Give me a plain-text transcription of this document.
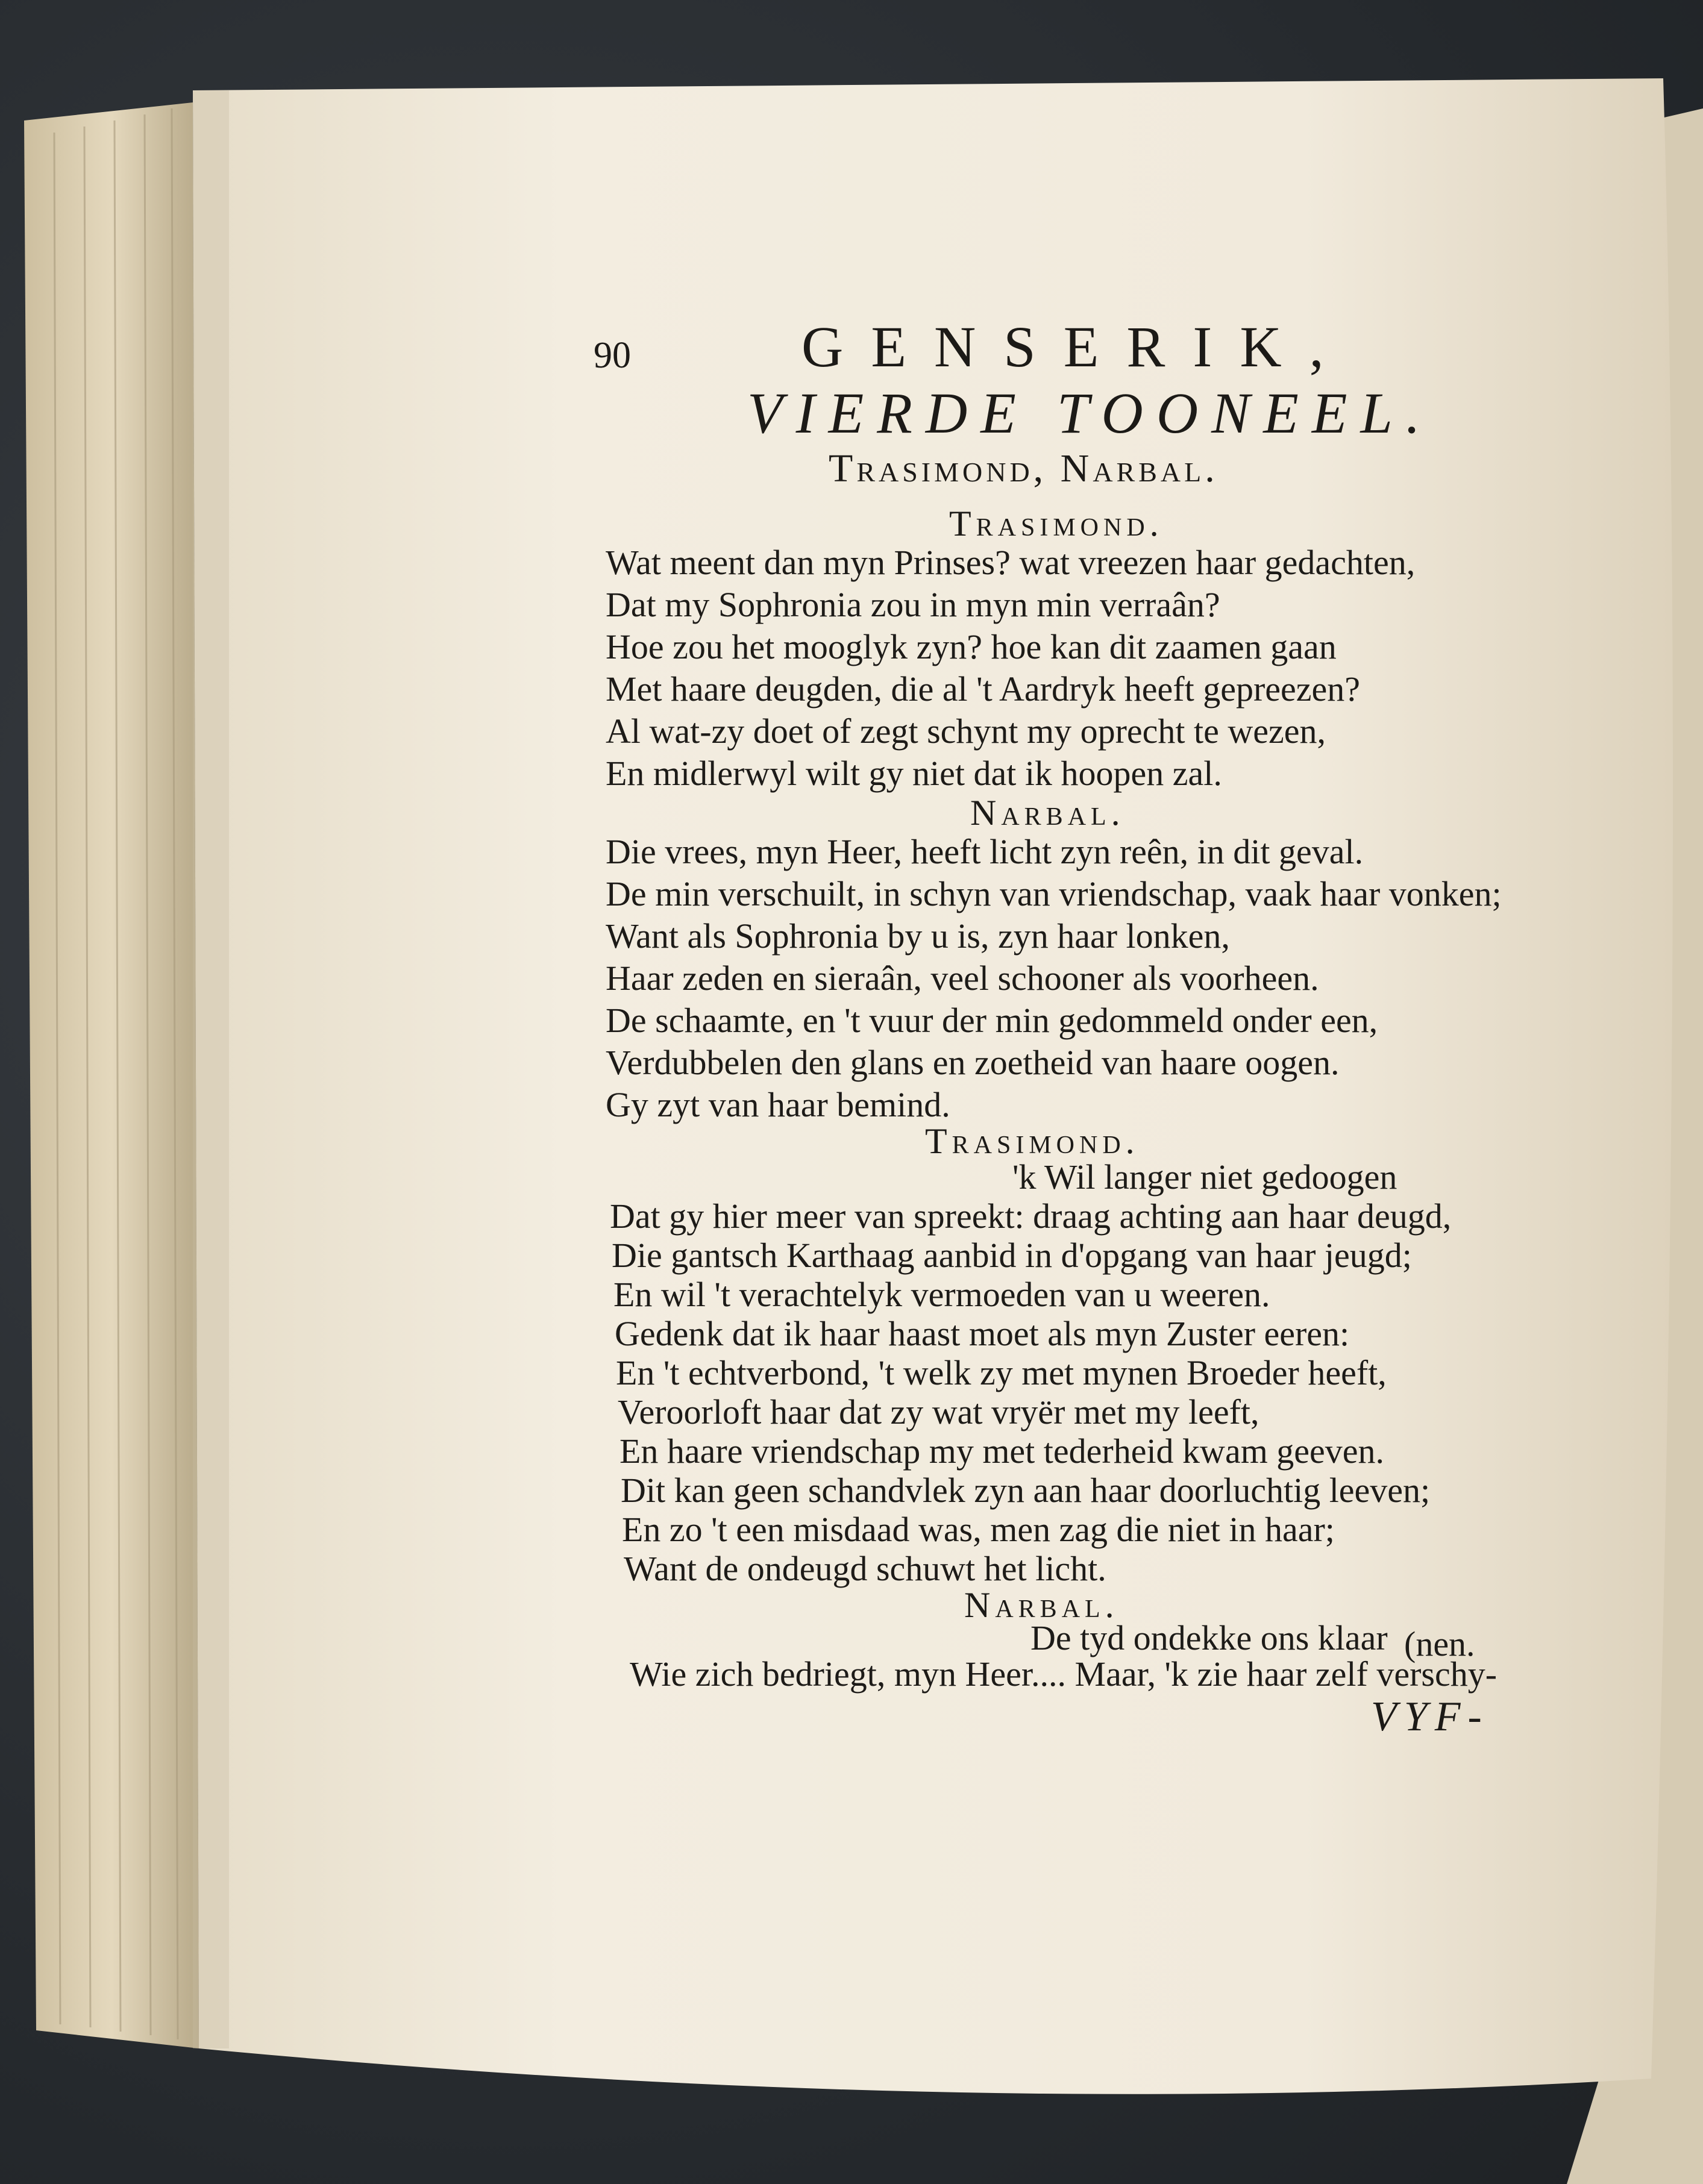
90	GENSERIK,
VIERDE TOONEEL.
Trasimond, Narbal.
Trasimond.
Wat meent dan myn Prinses? wat vreezen haar gedachten,
Dat my Sophronia zou in myn min verraân?
Hoe zou het mooglyk zyn? hoe kan dit zaamen gaan
Met haare deugden, die al 't Aardryk heeft gepreezen?
Al wat-zy doet of zegt schynt my oprecht te wezen,
En midlerwyl wilt gy niet dat ik hoopen zal.
Narbal.
Die vrees, myn Heer, heeft licht zyn reên, in dit geval.
De min verschuilt, in schyn van vriendschap, vaak haar vonken;
Want als Sophronia by u is, zyn haar lonken,
Haar zeden en sieraân, veel schooner als voorheen.
De schaamte, en 't vuur der min gedommeld onder een,
Verdubbelen den glans en zoetheid van haare oogen.
Gy zyt van haar bemind.
Trasimond.
'k Wil langer niet gedoogen
Dat gy hier meer van spreekt: draag achting aan haar deugd,
Die gantsch Karthaag aanbid in d'opgang van haar jeugd;
En wil 't verachtelyk vermoeden van u weeren.
Gedenk dat ik haar haast moet als myn Zuster eeren:
En 't echtverbond, 't welk zy met mynen Broeder heeft,
Veroorloft haar dat zy wat vryër met my leeft,
En haare vriendschap my met tederheid kwam geeven.
Dit kan geen schandvlek zyn aan haar doorluchtig leeven;
En zo 't een misdaad was, men zag die niet in haar;
Want de ondeugd schuwt het licht.
Narbal.
De tyd ondekke ons klaar (nen.
Wie zich bedriegt, myn Heer.... Maar, 'k zie haar zelf verschy-
VYF-
